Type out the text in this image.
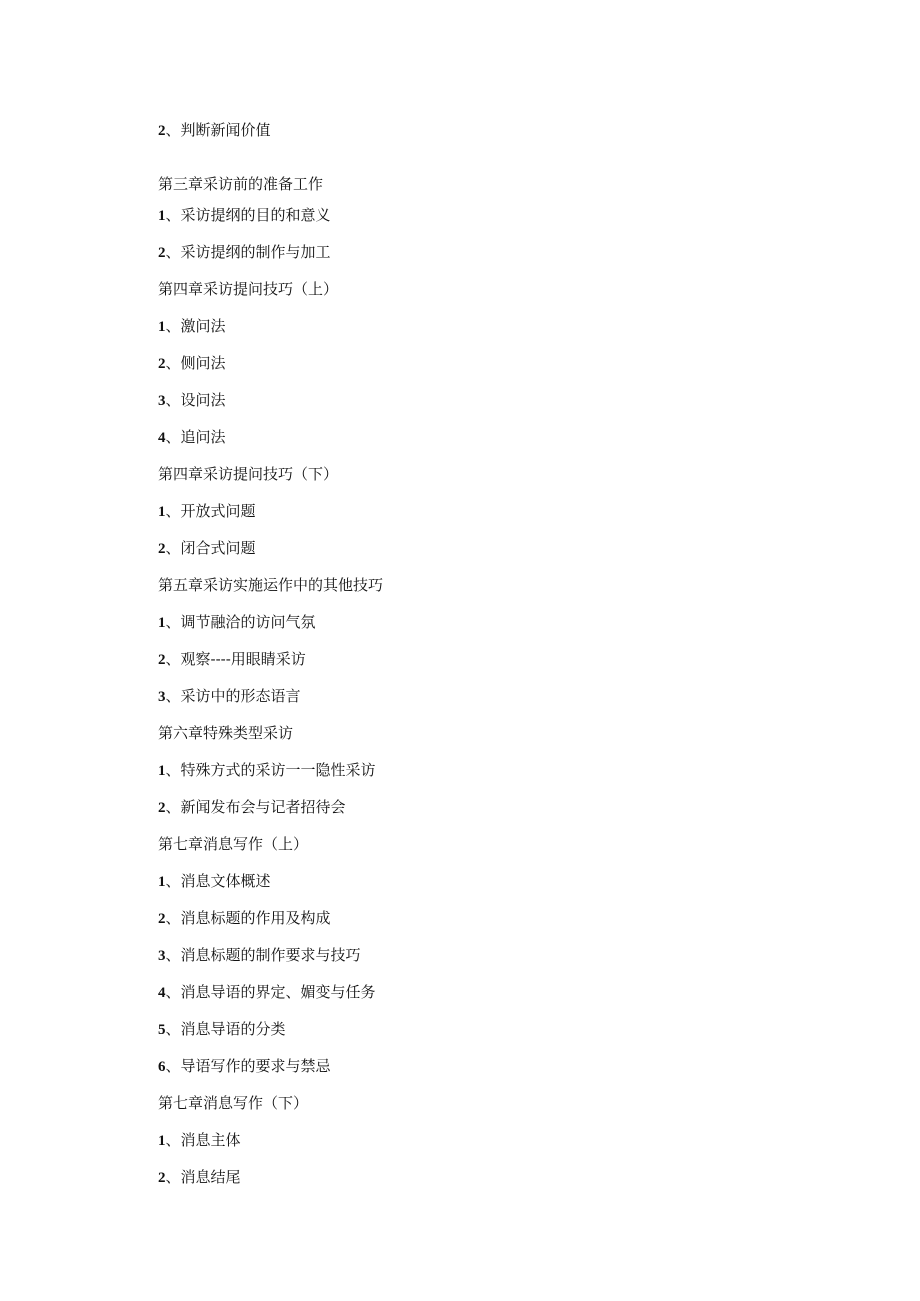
2、判断新闻价值
第三章采访前的准备工作
1、采访提纲的目的和意义
2、采访提纲的制作与加工
第四章采访提问技巧（上）
1、激问法
2、侧问法
3、设问法
4、追问法
第四章采访提问技巧（下）
1、开放式问题
2、闭合式问题
第五章采访实施运作中的其他技巧
1、调节融洽的访问气氛
2、观察----用眼睛采访
3、采访中的形态语言
第六章特殊类型采访
1、特殊方式的采访一一隐性采访
2、新闻发布会与记者招待会
第七章消息写作（上）
1、消息文体概述
2、消息标题的作用及构成
3、消息标题的制作要求与技巧
4、消息导语的界定、媚变与任务
5、消息导语的分类
6、导语写作的要求与禁忌
第七章消息写作（下）
1、消息主体
2、消息结尾
